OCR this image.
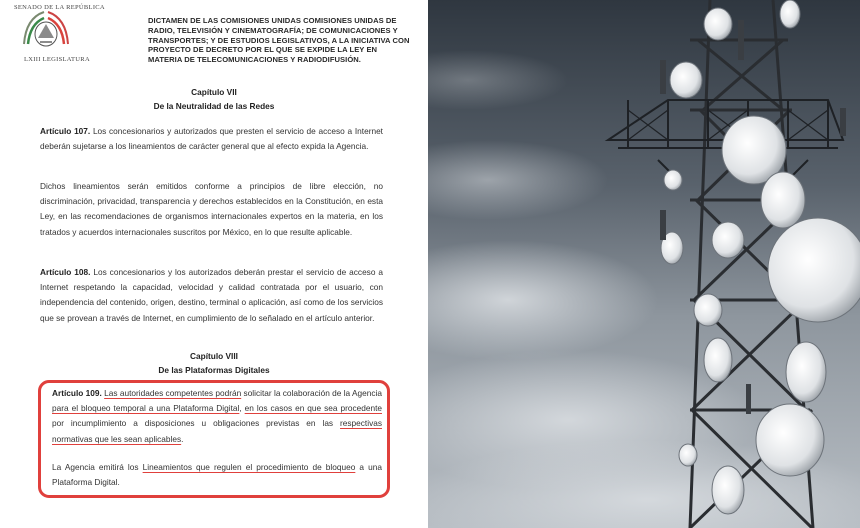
SENADO DE LA REPÚBLICA
LXIII LEGISLATURA
DICTAMEN DE LAS COMISIONES UNIDAS COMISIONES UNIDAS DE RADIO, TELEVISIÓN Y CINEMATOGRAFÍA; DE COMUNICACIONES Y TRANSPORTES; Y DE ESTUDIOS LEGISLATIVOS, A LA INICIATIVA CON PROYECTO DE DECRETO POR EL QUE SE EXPIDE LA LEY EN MATERIA DE TELECOMUNICACIONES Y RADIODIFUSIÓN.
Capítulo VII
De la Neutralidad de las Redes
Artículo 107. Los concesionarios y autorizados que presten el servicio de acceso a Internet deberán sujetarse a los lineamientos de carácter general que al efecto expida la Agencia.
Dichos lineamientos serán emitidos conforme a principios de libre elección, no discriminación, privacidad, transparencia y derechos establecidos en la Constitución, en esta Ley, en las recomendaciones de organismos internacionales expertos en la materia, en los tratados y acuerdos internacionales suscritos por México, en lo que resulte aplicable.
Artículo 108. Los concesionarios y los autorizados deberán prestar el servicio de acceso a Internet respetando la capacidad, velocidad y calidad contratada por el usuario, con independencia del contenido, origen, destino, terminal o aplicación, así como de los servicios que se provean a través de Internet, en cumplimiento de lo señalado en el artículo anterior.
Capítulo VIII
De las Plataformas Digitales
Artículo 109. Las autoridades competentes podrán solicitar la colaboración de la Agencia para el bloqueo temporal a una Plataforma Digital, en los casos en que sea procedente por incumplimiento a disposiciones u obligaciones previstas en las respectivas normativas que les sean aplicables.
La Agencia emitirá los Lineamientos que regulen el procedimiento de bloqueo a una Plataforma Digital.
